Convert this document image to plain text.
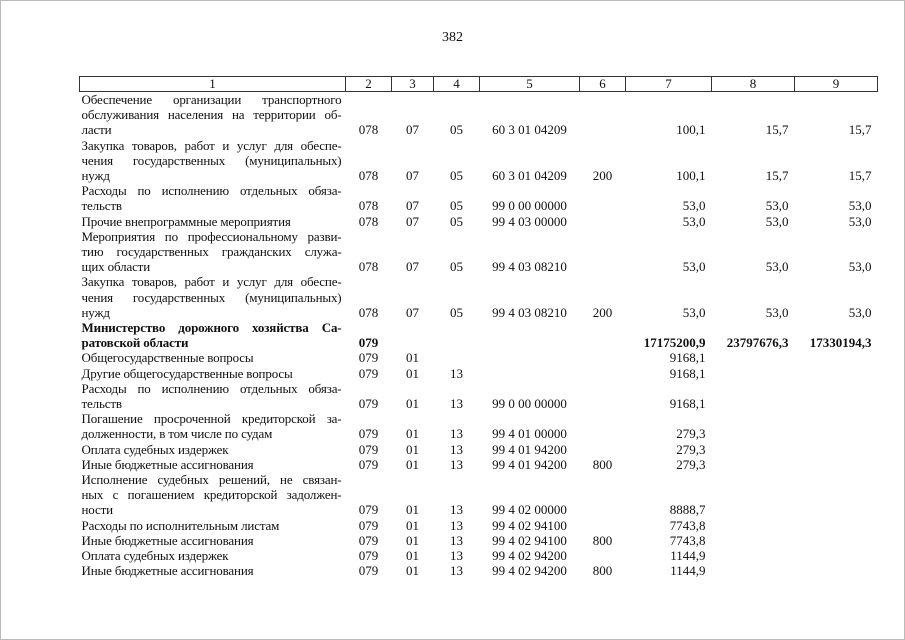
382
1	2	3	4	5	6	7	8	9

Обеспечение организации транспортного
обслуживания населения на территории об-
ласти	078	07	05	60 3 01 04209		100,1	15,7	15,7

Закупка товаров, работ и услуг для обеспе-
чения государственных (муниципальных)
нужд	078	07	05	60 3 01 04209	200	100,1	15,7	15,7

Расходы по исполнению отдельных обяза-
тельств	078	07	05	99 0 00 00000		53,0	53,0	53,0

Прочие внепрограммные мероприятия	078	07	05	99 4 03 00000		53,0	53,0	53,0

Мероприятия по профессиональному разви-
тию государственных гражданских служа-
щих области	078	07	05	99 4 03 08210		53,0	53,0	53,0

Закупка товаров, работ и услуг для обеспе-
чения государственных (муниципальных)
нужд	078	07	05	99 4 03 08210	200	53,0	53,0	53,0

Министерство дорожного хозяйства Са-
ратовской области	079					17175200,9	23797676,3	17330194,3

Общегосударственные вопросы	079	01				9168,1		

Другие общегосударственные вопросы	079	01	13			9168,1		

Расходы по исполнению отдельных обяза-
тельств	079	01	13	99 0 00 00000		9168,1		

Погашение просроченной кредиторской за-
долженности, в том числе по судам	079	01	13	99 4 01 00000		279,3		

Оплата судебных издержек	079	01	13	99 4 01 94200		279,3		

Иные бюджетные ассигнования	079	01	13	99 4 01 94200	800	279,3		

Исполнение судебных решений, не связан-
ных с погашением кредиторской задолжен-
ности	079	01	13	99 4 02 00000		8888,7		

Расходы по исполнительным листам	079	01	13	99 4 02 94100		7743,8		

Иные бюджетные ассигнования	079	01	13	99 4 02 94100	800	7743,8		

Оплата судебных издержек	079	01	13	99 4 02 94200		1144,9		

Иные бюджетные ассигнования	079	01	13	99 4 02 94200	800	1144,9		
